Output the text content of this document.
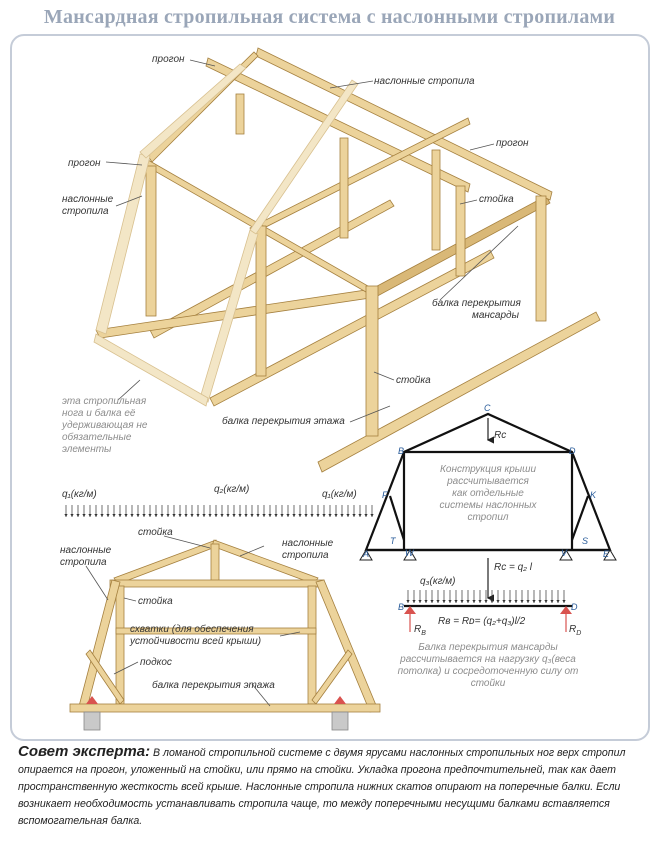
Мансардная стропильная система с наслонными стропилами
прогон
наслонные стропила
прогон
прогон
наслонные
стропила
стойка
балка перекрытия
мансарды
стойка
эта стропильная
нога и балка её
удерживающая не
обязательные
элементы
балка перекрытия этажа
q₁(кг/м)	q₂(кг/м)	q₁(кг/м)
стойка
наслонные
стропила
наслонные
стропила
стойка
схватки (для обеспечения
устойчивости всей крыши)
подкос
балка перекрытия этажа
C
B	D
A	E
F	K
T
W	V
S
Rc
Конструкция крыши
рассчитывается
как отдельные
системы наслонных
стропил
Rc = q₂ l
q₃(кг/м)
B	D
$R_B$	$R_D$
Rв = Rᴅ= (q₂+q₃)l/2
Балка перекрытия мансарды
рассчитывается на нагрузку q₃(веса
потолка) и сосредоточенную силу от
стойки
Совет эксперта: В ломаной стропильной системе с двумя ярусами наслонных стропильных ног верх стропил опирается на прогон, уложенный на стойки, или прямо на стойки. Укладка прогона предпочтительней, так как дает пространственную жесткость всей крыше. Наслонные стропила нижних скатов опирают на поперечные балки. Если возникает необходимость устанавливать стропила чаще, то между поперечными несущими балками вставляется вспомогательная балка.
